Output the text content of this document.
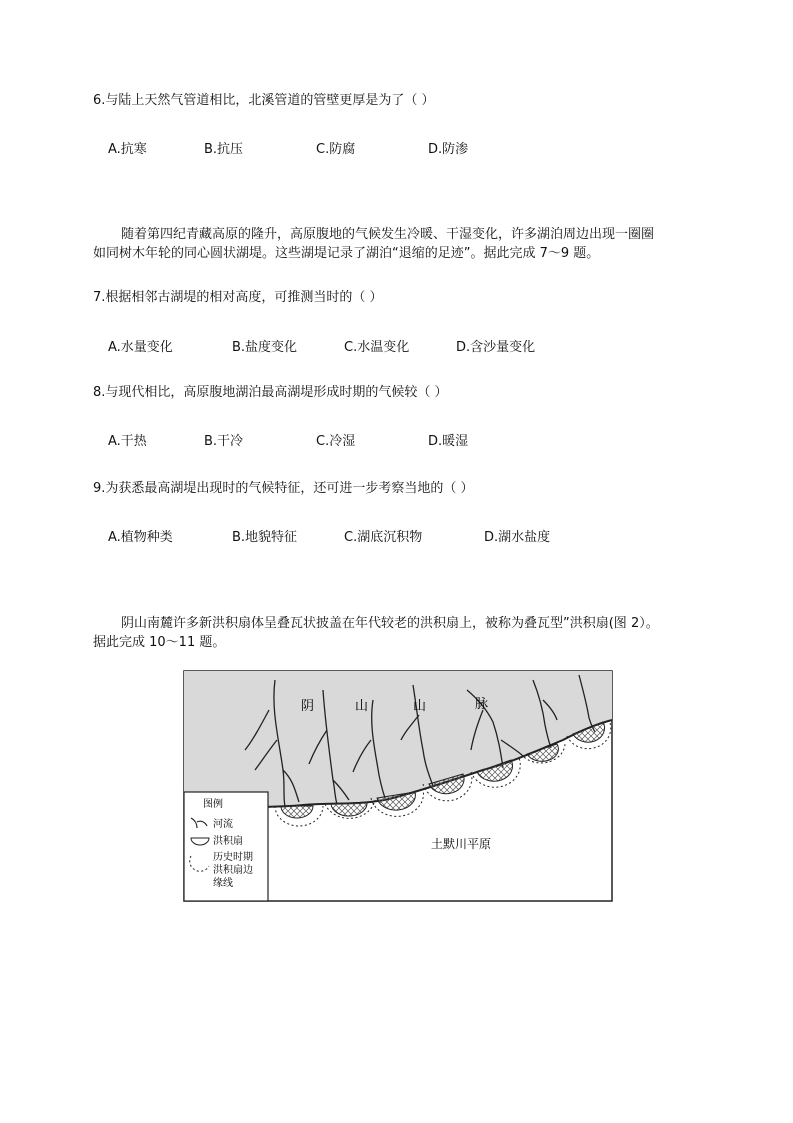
6.与陆上天然气管道相比，北溪管道的管壁更厚是为了（ ）
A.抗寒	B.抗压	C.防腐	D.防渗
随着第四纪青藏高原的隆升，高原腹地的气候发生冷暖、干湿变化，许多湖泊周边出现一圈圈
如同树木年轮的同心圆状湖堤。这些湖堤记录了湖泊“退缩的足迹”。据此完成 7～9 题。
7.根据相邻古湖堤的相对高度，可推测当时的（ ）
A.水量变化	B.盐度变化	C.水温变化	D.含沙量变化
8.与现代相比，高原腹地湖泊最高湖堤形成时期的气候较（ ）
A.干热	B.干冷	C.冷湿	D.暖湿
9.为获悉最高湖堤出现时的气候特征，还可进一步考察当地的（ ）
A.植物种类	B.地貌特征	C.湖底沉积物	D.湖水盐度
阴山南麓许多新洪积扇体呈叠瓦状披盖在年代较老的洪积扇上，被称为叠瓦型”洪积扇(图 2）。
据此完成 10～11 题。
阴	山	山	脉
土默川平原
图例
河流
洪积扇
历史时期
洪积扇边
缘线
